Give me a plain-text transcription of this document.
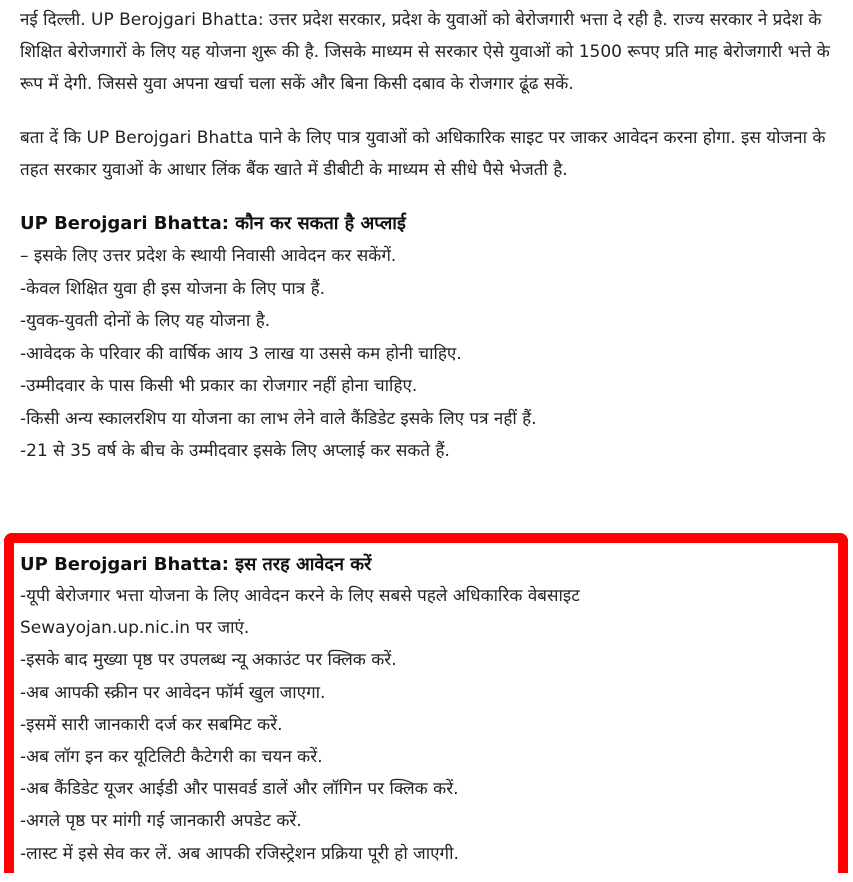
नई दिल्ली. UP Berojgari Bhatta: उत्तर प्रदेश सरकार, प्रदेश के युवाओं को बेरोजगारी भत्ता दे रही है. राज्य सरकार ने प्रदेश के शिक्षित बेरोजगारों के लिए यह योजना शुरू की है. जिसके माध्यम से सरकार ऐसे युवाओं को 1500 रूपए प्रति माह बेरोजगारी भत्ते के रूप में देगी. जिससे युवा अपना खर्चा चला सकें और बिना किसी दबाव के रोजगार ढूंढ सकें.

बता दें कि UP Berojgari Bhatta पाने के लिए पात्र युवाओं को अधिकारिक साइट पर जाकर आवेदन करना होगा. इस योजना के तहत सरकार युवाओं के आधार लिंक बैंक खाते में डीबीटी के माध्यम से सीधे पैसे भेजती है.

UP Berojgari Bhatta: कौन कर सकता है अप्लाई
– इसके लिए उत्तर प्रदेश के स्थायी निवासी आवेदन कर सकेंगें.
-केवल शिक्षित युवा ही इस योजना के लिए पात्र हैं.
-युवक-युवती दोनों के लिए यह योजना है.
-आवेदक के परिवार की वार्षिक आय 3 लाख या उससे कम होनी चाहिए.
-उम्मीदवार के पास किसी भी प्रकार का रोजगार नहीं होना चाहिए.
-किसी अन्य स्कालरशिप या योजना का लाभ लेने वाले कैंडिडेट इसके लिए पत्र नहीं हैं.
-21 से 35 वर्ष के बीच के उम्मीदवार इसके लिए अप्लाई कर सकते हैं.
UP Berojgari Bhatta: इस तरह आवेदन करें
-यूपी बेरोजगार भत्ता योजना के लिए आवेदन करने के लिए सबसे पहले अधिकारिक वेबसाइट
Sewayojan.up.nic.in पर जाएं.
-इसके बाद मुख्या पृष्ठ पर उपलब्ध न्यू अकाउंट पर क्लिक करें.
-अब आपकी स्क्रीन पर आवेदन फॉर्म खुल जाएगा.
-इसमें सारी जानकारी दर्ज कर सबमिट करें.
-अब लॉग इन कर यूटिलिटी कैटेगरी का चयन करें.
-अब कैंडिडेट यूजर आईडी और पासवर्ड डालें और लॉगिन पर क्लिक करें.
-अगले पृष्ठ पर मांगी गई जानकारी अपडेट करें.
-लास्ट में इसे सेव कर लें. अब आपकी रजिस्ट्रेशन प्रक्रिया पूरी हो जाएगी.
